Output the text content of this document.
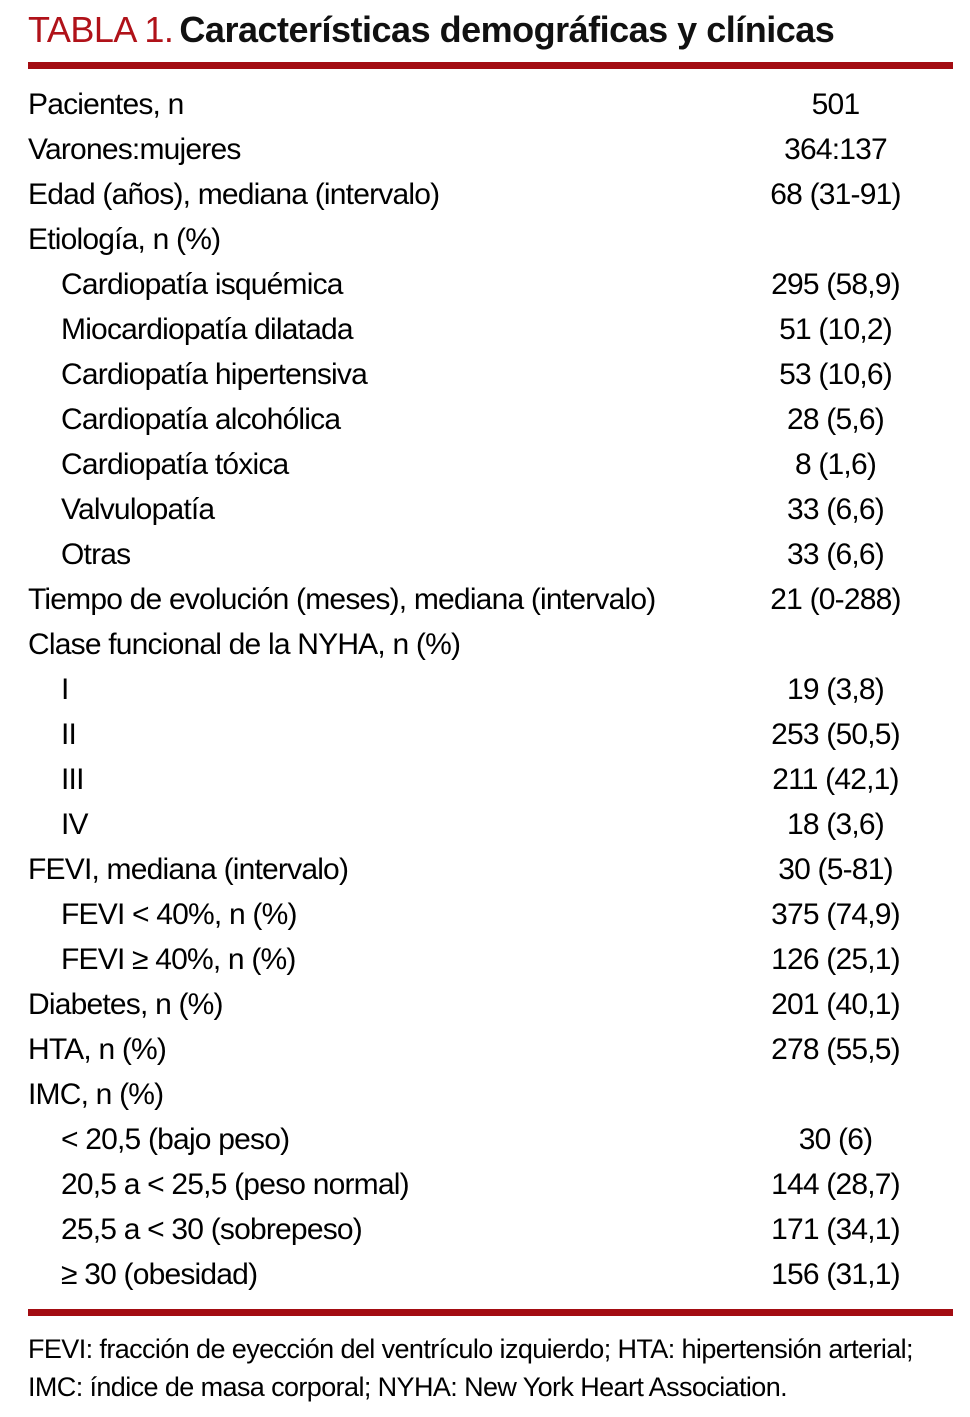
TABLA 1. Características demográficas y clínicas
Pacientes, n	501
Varones:mujeres	364:137
Edad (años), mediana (intervalo)	68 (31-91)
Etiología, n (%)
Cardiopatía isquémica	295 (58,9)
Miocardiopatía dilatada	51 (10,2)
Cardiopatía hipertensiva	53 (10,6)
Cardiopatía alcohólica	28 (5,6)
Cardiopatía tóxica	8 (1,6)
Valvulopatía	33 (6,6)
Otras	33 (6,6)
Tiempo de evolución (meses), mediana (intervalo)	21 (0-288)
Clase funcional de la NYHA, n (%)
I	19 (3,8)
II	253 (50,5)
III	211 (42,1)
IV	18 (3,6)
FEVI, mediana (intervalo)	30 (5-81)
FEVI < 40%, n (%)	375 (74,9)
FEVI ≥ 40%, n (%)	126 (25,1)
Diabetes, n (%)	201 (40,1)
HTA, n (%)	278 (55,5)
IMC, n (%)
< 20,5 (bajo peso)	30 (6)
20,5 a < 25,5 (peso normal)	144 (28,7)
25,5 a < 30 (sobrepeso)	171 (34,1)
≥ 30 (obesidad)	156 (31,1)
FEVI: fracción de eyección del ventrículo izquierdo; HTA: hipertensión arterial;
IMC: índice de masa corporal; NYHA: New York Heart Association.
